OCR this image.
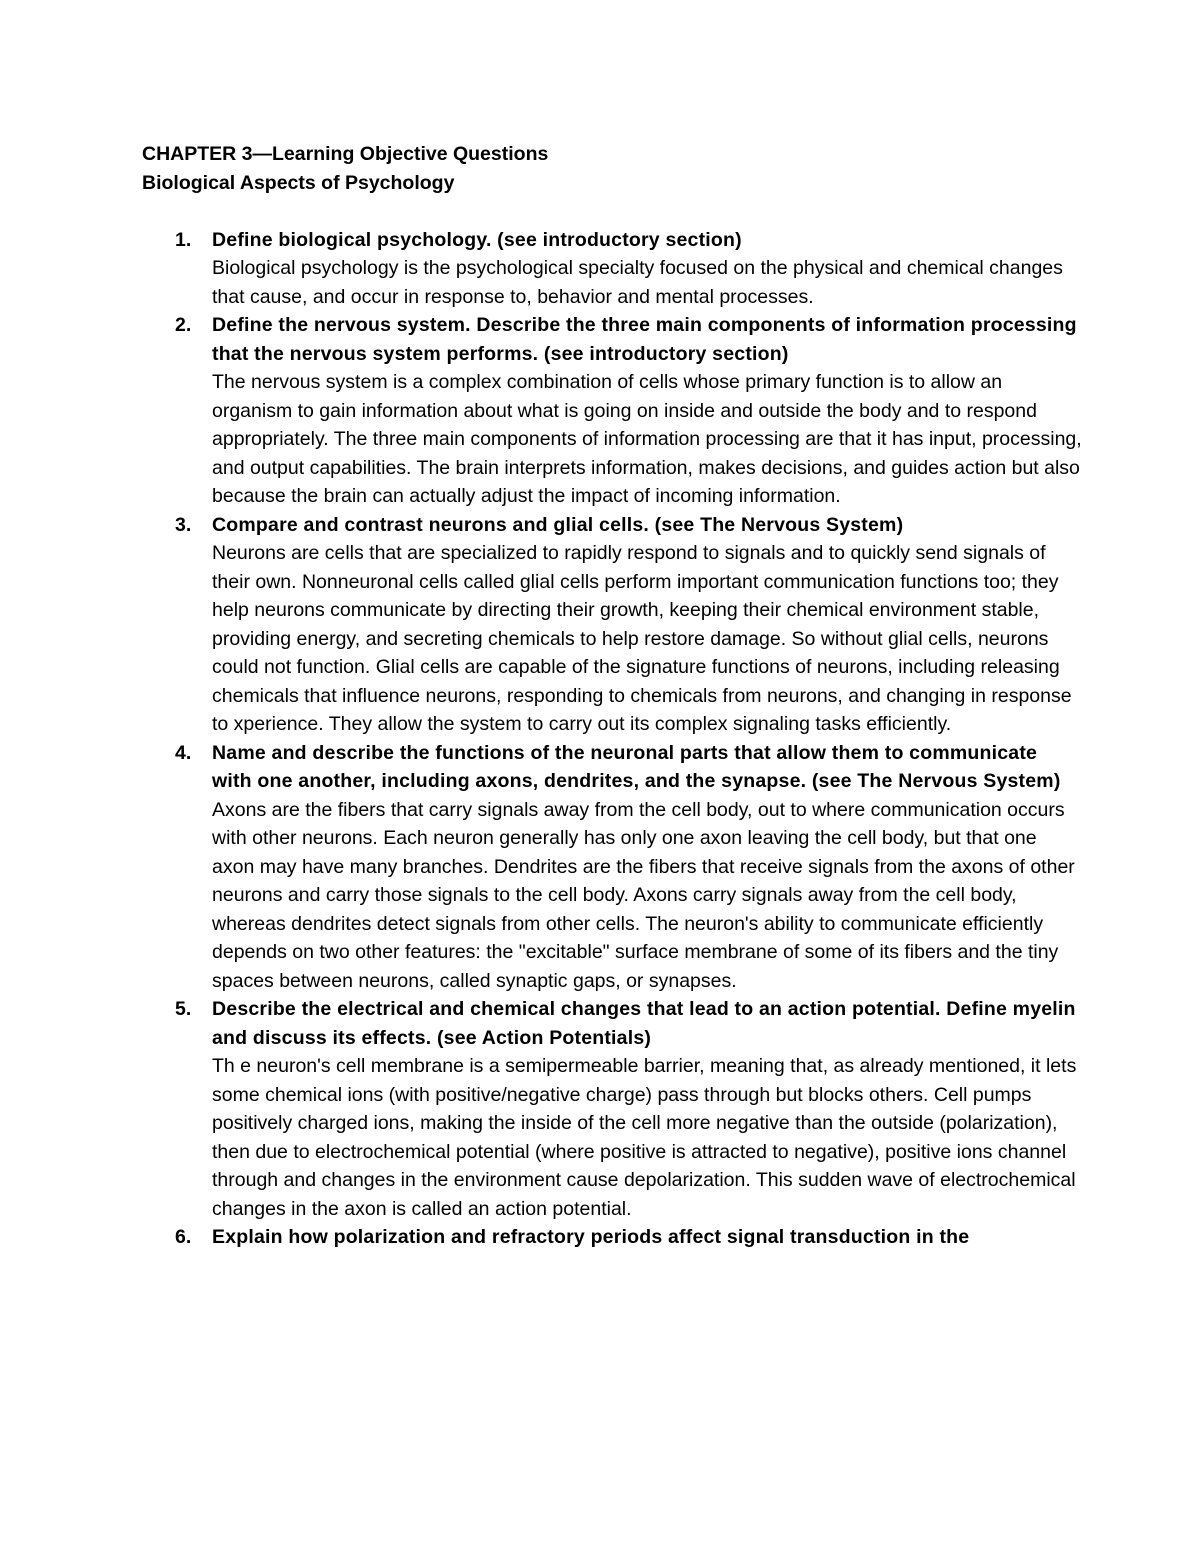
CHAPTER 3—Learning Objective Questions

Biological Aspects of Psychology

1. Define biological psychology. (see introductory section)

Biological psychology is the psychological specialty focused on the physical and chemical changes that cause, and occur in response to, behavior and mental processes.

2. Define the nervous system. Describe the three main components of information processing that the nervous system performs. (see introductory section)

The nervous system is a complex combination of cells whose primary function is to allow an organism to gain information about what is going on inside and outside the body and to respond appropriately. The three main components of information processing are that it has input, processing, and output capabilities. The brain interprets information, makes decisions, and guides action but also because the brain can actually adjust the impact of incoming information.

3. Compare and contrast neurons and glial cells. (see The Nervous System)

Neurons are cells that are specialized to rapidly respond to signals and to quickly send signals of their own. Nonneuronal cells called glial cells perform important communication functions too; they help neurons communicate by directing their growth, keeping their chemical environment stable, providing energy, and secreting chemicals to help restore damage. So without glial cells, neurons could not function. Glial cells are capable of the signature functions of neurons, including releasing chemicals that influence neurons, responding to chemicals from neurons, and changing in response to xperience. They allow the system to carry out its complex signaling tasks efficiently.

4. Name and describe the functions of the neuronal parts that allow them to communicate with one another, including axons, dendrites, and the synapse. (see The Nervous System)

Axons are the fibers that carry signals away from the cell body, out to where communication occurs with other neurons. Each neuron generally has only one axon leaving the cell body, but that one axon may have many branches. Dendrites are the fibers that receive signals from the axons of other neurons and carry those signals to the cell body. Axons carry signals away from the cell body, whereas dendrites detect signals from other cells. The neuron's ability to communicate efficiently depends on two other features: the "excitable" surface membrane of some of its fibers and the tiny spaces between neurons, called synaptic gaps, or synapses.

5. Describe the electrical and chemical changes that lead to an action potential. Define myelin and discuss its effects. (see Action Potentials)

Th e neuron's cell membrane is a semipermeable barrier, meaning that, as already mentioned, it lets some chemical ions (with positive/negative charge) pass through but blocks others. Cell pumps positively charged ions, making the inside of the cell more negative than the outside (polarization), then due to electrochemical potential (where positive is attracted to negative), positive ions channel through and changes in the environment cause depolarization. This sudden wave of electrochemical changes in the axon is called an action potential.

6. Explain how polarization and refractory periods affect signal transduction in the
